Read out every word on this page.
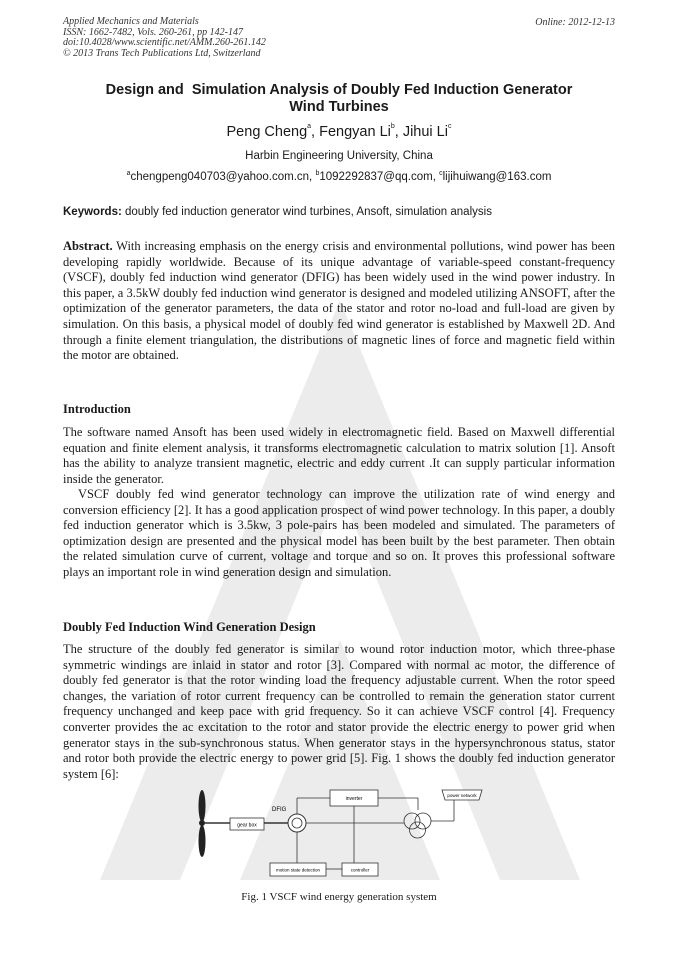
Applied Mechanics and Materials
ISSN: 1662-7482, Vols. 260-261, pp 142-147
doi:10.4028/www.scientific.net/AMM.260-261.142
© 2013 Trans Tech Publications Ltd, Switzerland
Online: 2012-12-13
Design and  Simulation Analysis of Doubly Fed Induction Generator
Wind Turbines
Peng Cheng$^a$, Fengyan Li$^b$, Jihui Li$^c$
Harbin Engineering University, China
$^a$chengpeng040703@yahoo.com.cn, $^b$1092292837@qq.com, $^c$lijihuiwang@163.com
Keywords: doubly fed induction generator wind turbines, Ansoft, simulation analysis
Abstract. With increasing emphasis on the energy crisis and environmental pollutions, wind power has been developing rapidly worldwide. Because of its unique advantage of variable-speed constant-frequency (VSCF), doubly fed induction wind generator (DFIG) has been widely used in the wind power industry. In this paper, a 3.5kW doubly fed induction wind generator is designed and modeled utilizing ANSOFT, after the optimization of the generator parameters, the data of the stator and rotor no-load and full-load are given by simulation. On this basis, a physical model of doubly fed wind generator is established by Maxwell 2D. And through a finite element triangulation, the distributions of magnetic lines of force and magnetic field within the motor are obtained.
Introduction
The software named Ansoft has been used widely in electromagnetic field. Based on Maxwell differential equation and finite element analysis, it transforms electromagnetic calculation to matrix solution [1]. Ansoft has the ability to analyze transient magnetic, electric and eddy current .It can supply particular information inside the generator.
VSCF doubly fed wind generator technology can improve the utilization rate of wind energy and conversion efficiency [2]. It has a good application prospect of wind power technology. In this paper, a doubly fed induction generator which is 3.5kw, 3 pole-pairs has been modeled and simulated. The parameters of optimization design are presented and the physical model has been built by the best parameter. Then obtain the related simulation curve of current, voltage and torque and so on. It proves this professional software plays an important role in wind generation design and simulation.
Doubly Fed Induction Wind Generation Design
The structure of the doubly fed generator is similar to wound rotor induction motor, which three-phase symmetric windings are inlaid in stator and rotor [3]. Compared with normal ac motor, the difference of doubly fed generator is that the rotor winding load the frequency adjustable current. When the rotor speed changes, the variation of rotor current frequency can be controlled to remain the generation stator current frequency unchanged and keep pace with grid frequency. So it can achieve VSCF control [4]. Frequency converter provides the ac excitation to the rotor and stator provide the electric energy to power grid when generator stays in the sub-synchronous status. When generator stays in the hypersynchronous status, stator and rotor both provide the electric energy to power grid [5]. Fig. 1 shows the doubly fed induction generator system [6]:
gear box
DFIG
inverter
power network
motion state detection	controller
Fig. 1 VSCF wind energy generation system
